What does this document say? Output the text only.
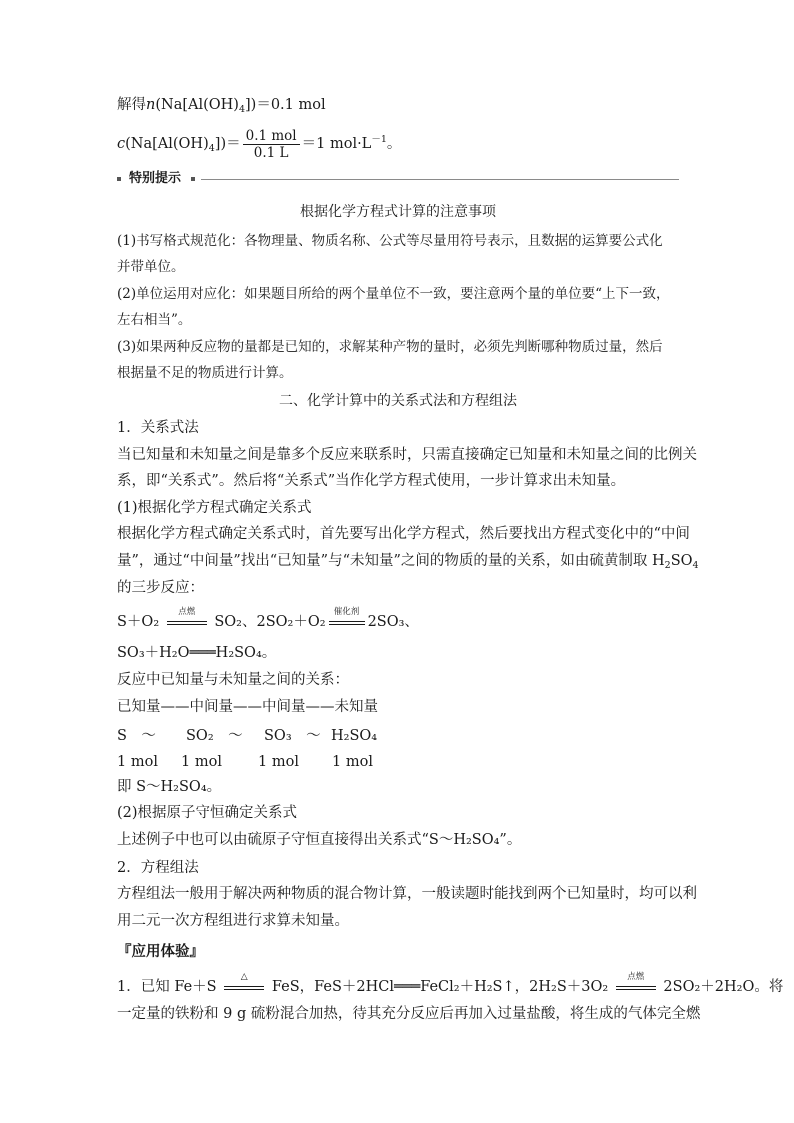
解得$n(Na[Al(OH)_4])=0.1$ mol
$c(Na[Al(OH)_4])= \frac{\text{0.1 mol}}{0.1 L} =1$ $mol\cdot L^{-1}$。
特别提示
根据化学方程式计算的注意事项
(1)书写格式规范化：各物理量、物质名称、公式等尽量用符号表示，且数据的运算要公式化
并带单位。
(2)单位运用对应化：如果题目所给的两个量单位不一致，要注意两个量的单位要“上下一致，
左右相当”。
(3)如果两种反应物的量都是已知的，求解某种产物的量时，必须先判断哪种物质过量，然后
根据量不足的物质进行计算。
二、化学计算中的关系式法和方程组法
1．关系式法
当已知量和未知量之间是靠多个反应来联系时，只需直接确定已知量和未知量之间的比例关
系，即“关系式”。然后将“关系式”当作化学方程式使用，一步计算求出未知量。
(1)根据化学方程式确定关系式
根据化学方程式确定关系式时，首先要写出化学方程式，然后要找出方程式变化中的“中间
量”，通过“中间量”找出“已知量”与“未知量”之间的物质的量的关系，如由硫黄制取 $H_2SO_4$
的三步反应：
S＋O₂
点燃
SO₂、2SO₂＋O₂
催化剂
2SO₃、
SO₃＋H₂O═══H₂SO₄。
反应中已知量与未知量之间的关系：
已知量——中间量——中间量——未知量
S　～ SO₂　～ SO₃　～ H₂SO₄
1 mol 1 mol 1 mol 1 mol
即 S～H₂SO₄。
(2)根据原子守恒确定关系式
上述例子中也可以由硫原子守恒直接得出关系式“S～H₂SO₄”。
2．方程组法
方程组法一般用于解决两种物质的混合物计算，一般读题时能找到两个已知量时，均可以利
用二元一次方程组进行求算未知量。
『应用体验』
1．已知 Fe＋S
△
FeS，FeS＋2HCl═══FeCl₂＋H₂S↑，2H₂S＋3O₂
点燃
2SO₂＋2H₂O。将
一定量的铁粉和 9 g 硫粉混合加热，待其充分反应后再加入过量盐酸，将生成的气体完全燃
